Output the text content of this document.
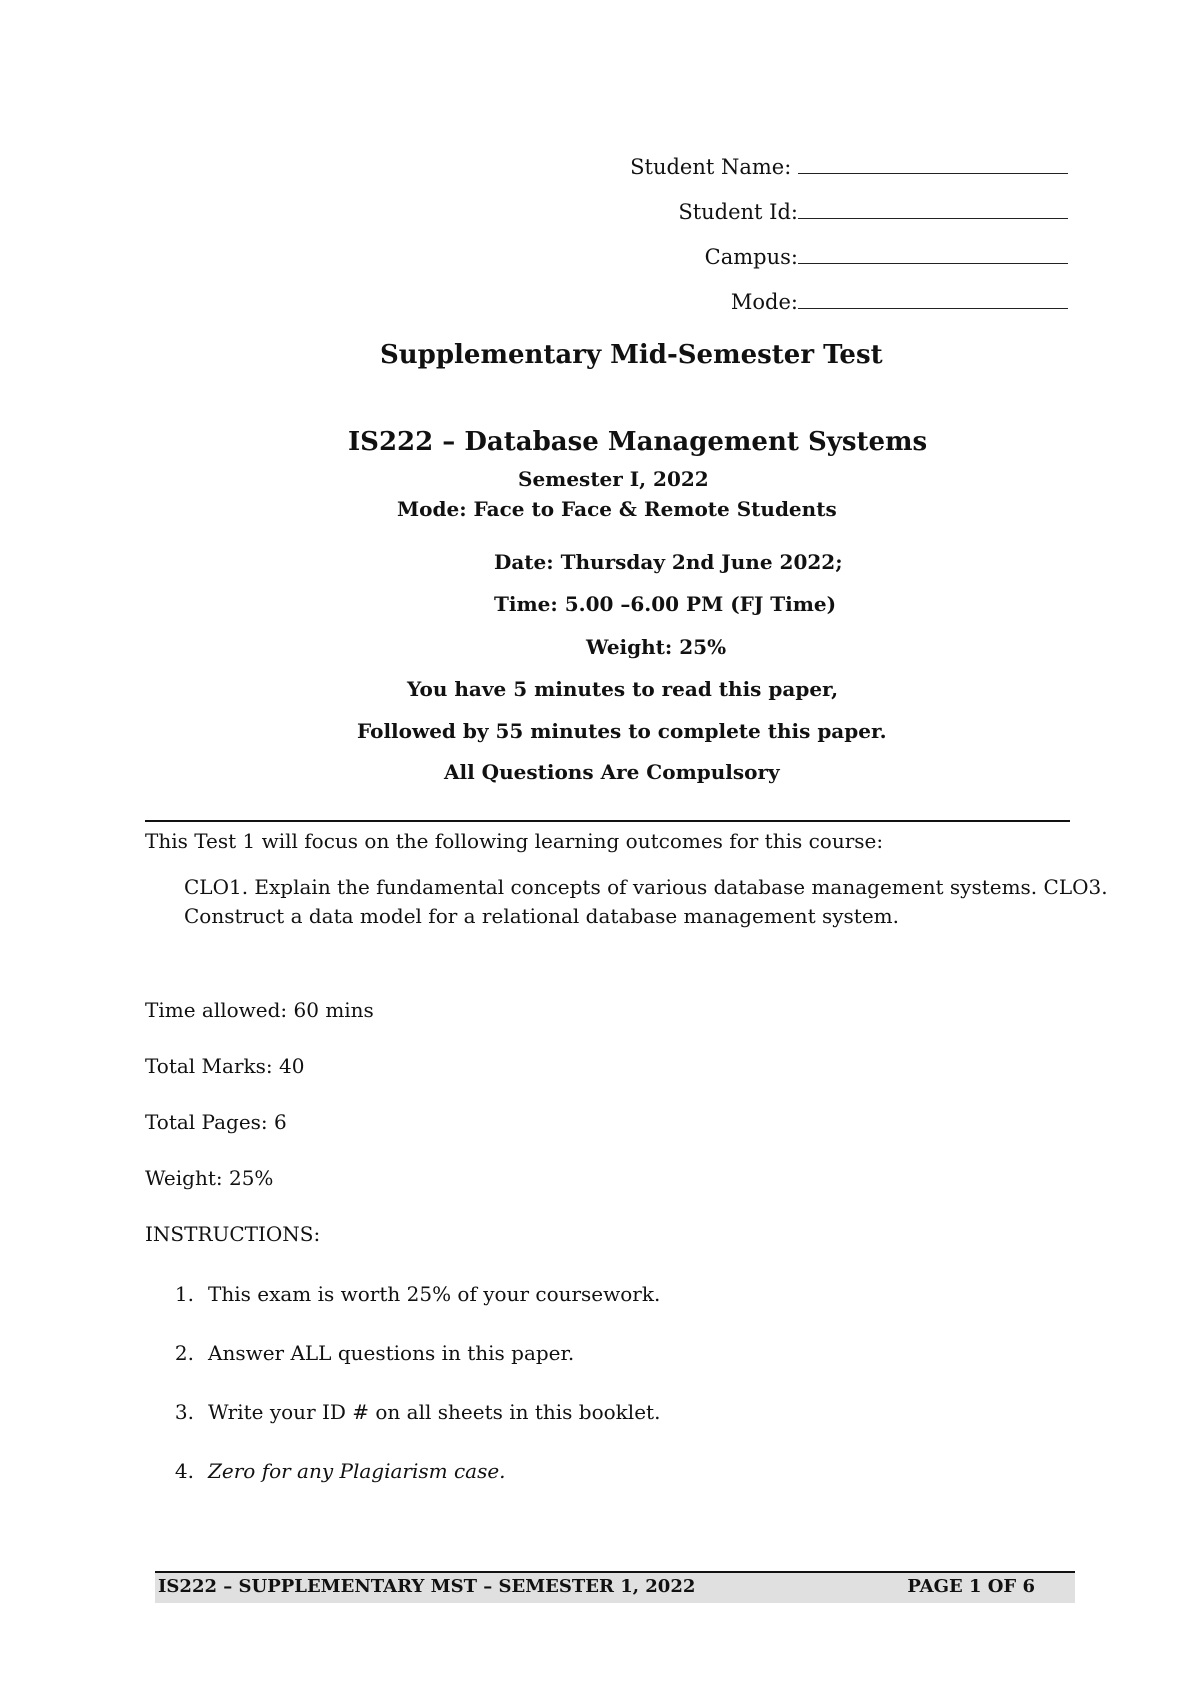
Student Name:
Student Id:
Campus:
Mode:
Supplementary Mid-Semester Test
IS222 – Database Management Systems
Semester I, 2022
Mode: Face to Face & Remote Students
Date: Thursday 2nd June 2022;
Time: 5.00 –6.00 PM (FJ Time)
Weight: 25%
You have 5 minutes to read this paper,
Followed by 55 minutes to complete this paper.
All Questions Are Compulsory
This Test 1 will focus on the following learning outcomes for this course:
CLO1. Explain the fundamental concepts of various database management systems. CLO3.
Construct a data model for a relational database management system.
Time allowed: 60 mins
Total Marks: 40
Total Pages: 6
Weight: 25%
INSTRUCTIONS:
1. This exam is worth 25% of your coursework.
2. Answer ALL questions in this paper.
3. Write your ID # on all sheets in this booklet.
4. Zero for any Plagiarism case.
IS222 – SUPPLEMENTARY MST – SEMESTER 1, 2022	PAGE 1 OF 6
